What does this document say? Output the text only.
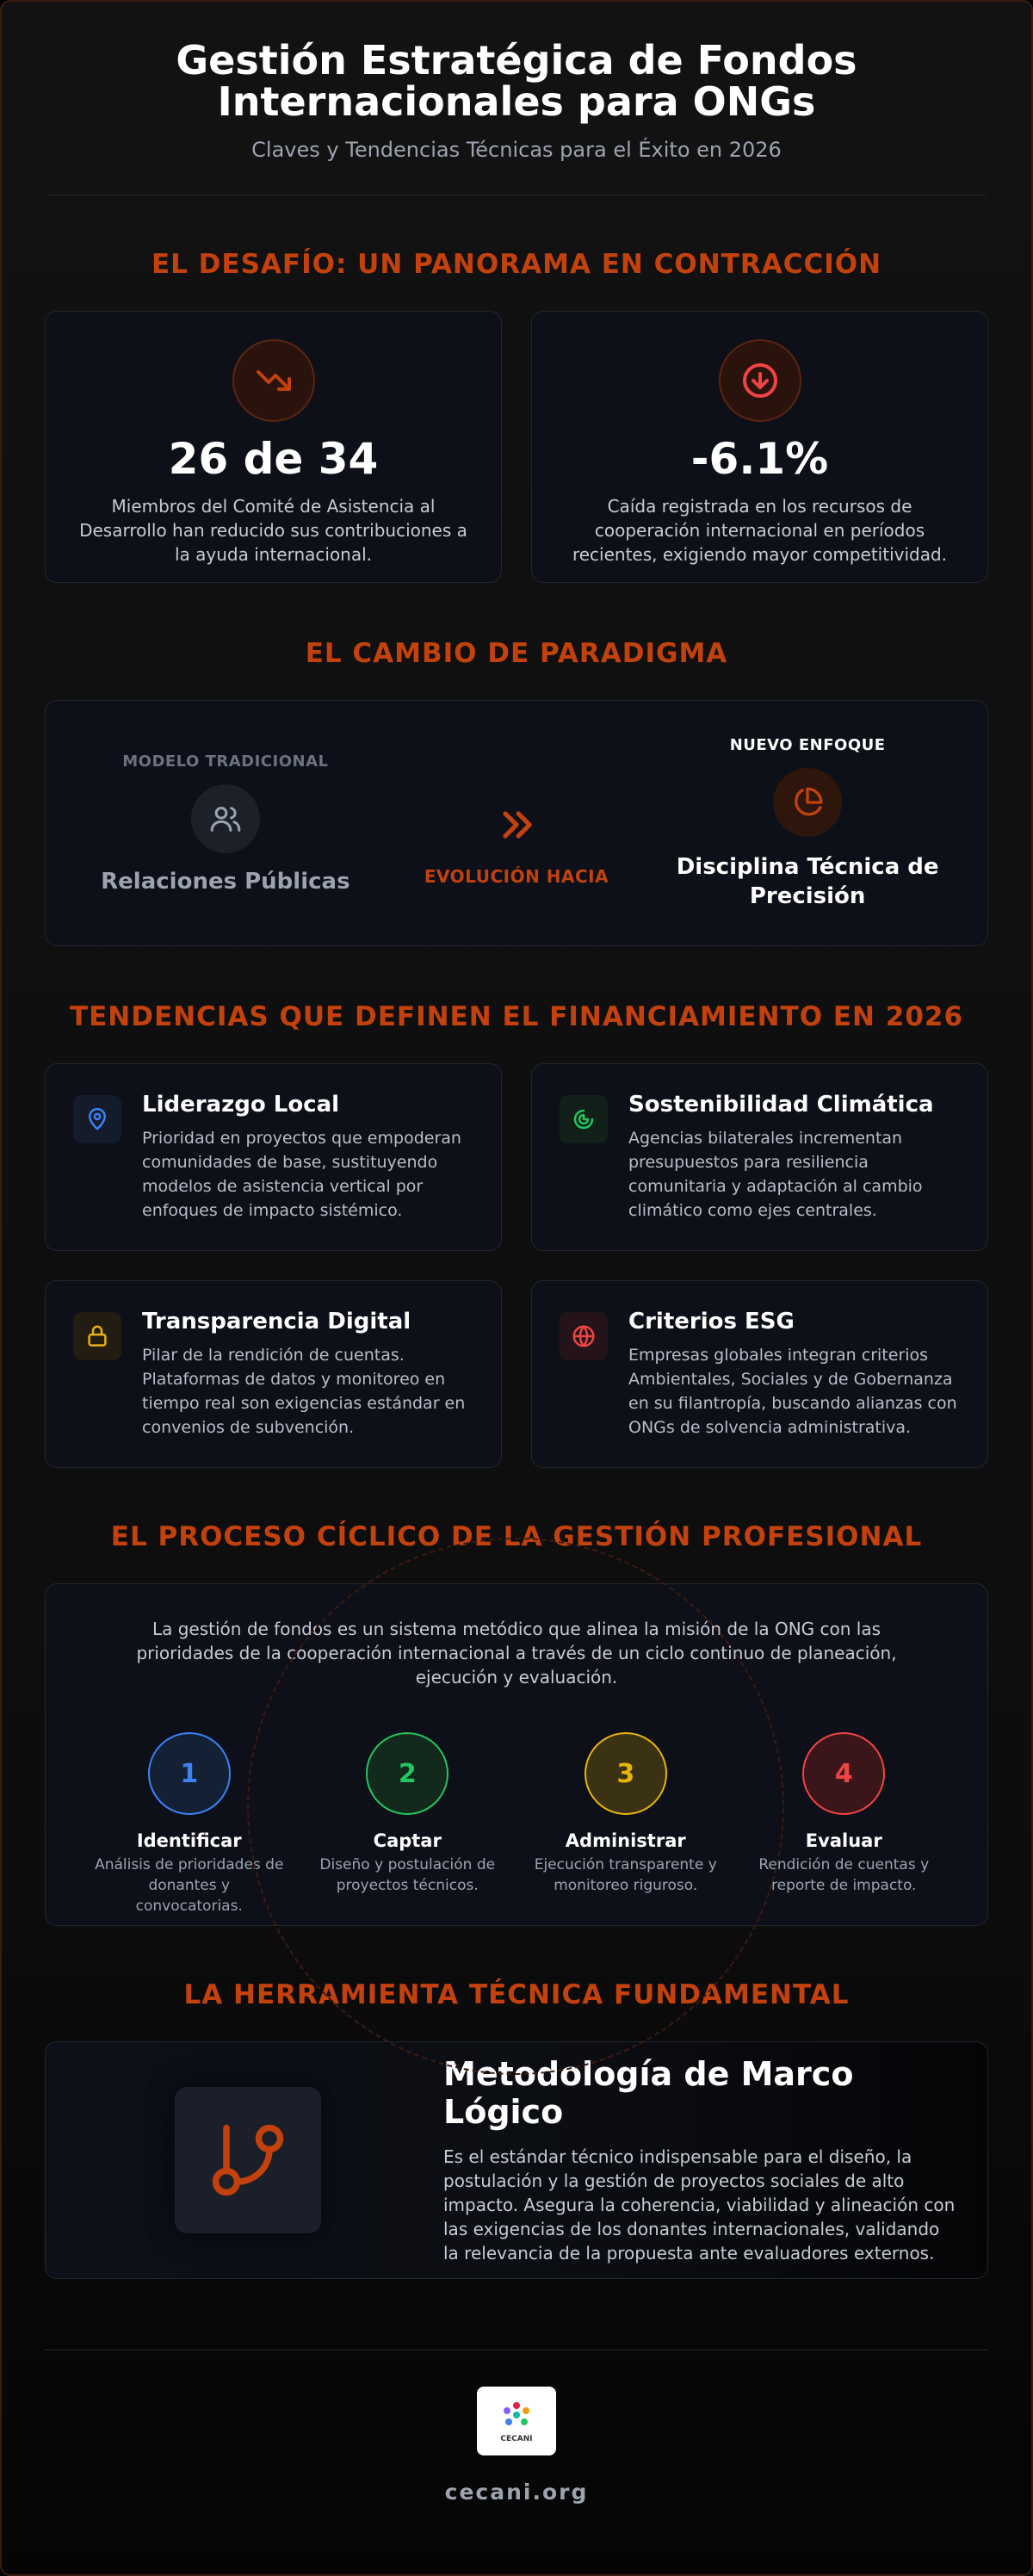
Gestión Estratégica de Fondos
Internacionales para ONGs
Claves y Tendencias Técnicas para el Éxito en 2026
EL DESAFÍO: UN PANORAMA EN CONTRACCIÓN
26 de 34
Miembros del Comité de Asistencia al Desarrollo han reducido sus contribuciones a la ayuda internacional.
-6.1%
Caída registrada en los recursos de cooperación internacional en períodos recientes, exigiendo mayor competitividad.
EL CAMBIO DE PARADIGMA
MODELO TRADICIONAL
Relaciones Públicas	EVOLUCIÓN HACIA
NUEVO ENFOQUE
Disciplina Técnica de Precisión
TENDENCIAS QUE DEFINEN EL FINANCIAMIENTO EN 2026
Liderazgo Local
Prioridad en proyectos que empoderan comunidades de base, sustituyendo modelos de asistencia vertical por enfoques de impacto sistémico.
Sostenibilidad Climática
Agencias bilaterales incrementan presupuestos para resiliencia comunitaria y adaptación al cambio climático como ejes centrales.
Transparencia Digital
Pilar de la rendición de cuentas. Plataformas de datos y monitoreo en tiempo real son exigencias estándar en convenios de subvención.
Criterios ESG
Empresas globales integran criterios Ambientales, Sociales y de Gobernanza en su filantropía, buscando alianzas con ONGs de solvencia administrativa.
EL PROCESO CÍCLICO DE LA GESTIÓN PROFESIONAL
La gestión de fondos es un sistema metódico que alinea la misión de la ONG con las prioridades de la cooperación internacional a través de un ciclo continuo de planeación, ejecución y evaluación.
1
Identificar
Análisis de prioridades de donantes y convocatorias.
2
Captar
Diseño y postulación de proyectos técnicos.
3
Administrar
Ejecución transparente y monitoreo riguroso.
4
Evaluar
Rendición de cuentas y reporte de impacto.
LA HERRAMIENTA TÉCNICA FUNDAMENTAL
Metodología de Marco Lógico
Es el estándar técnico indispensable para el diseño, la postulación y la gestión de proyectos sociales de alto impacto. Asegura la coherencia, viabilidad y alineación con las exigencias de los donantes internacionales, validando la relevancia de la propuesta ante evaluadores externos.
CECANI
cecani.org
